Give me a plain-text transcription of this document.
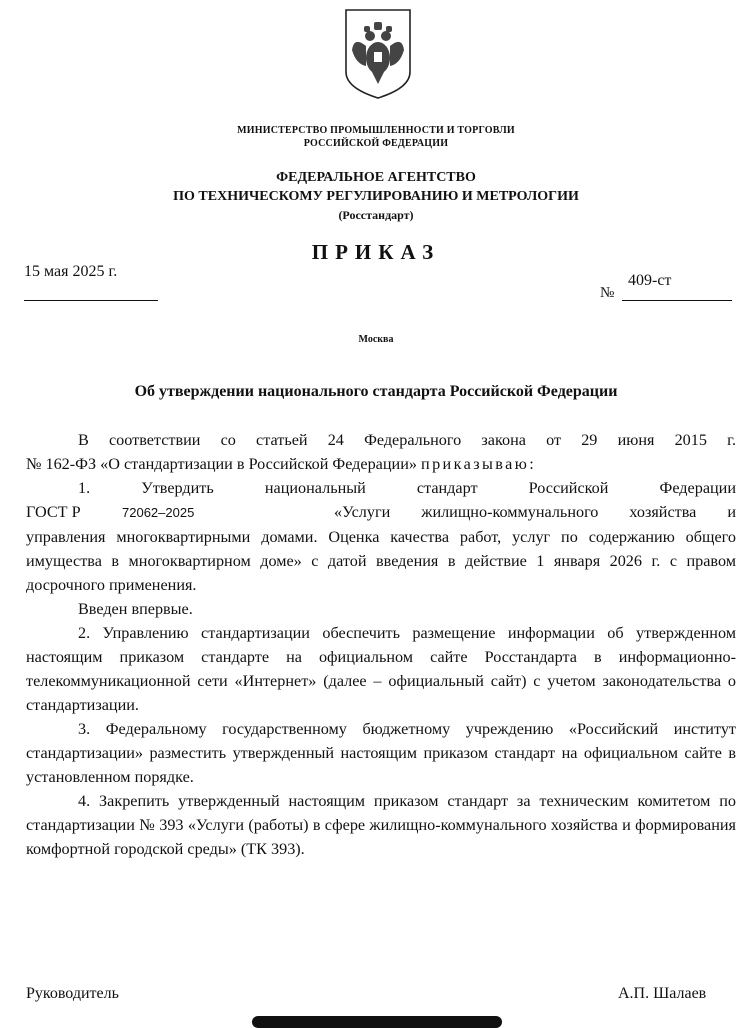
МИНИСТЕРСТВО ПРОМЫШЛЕННОСТИ И ТОРГОВЛИ
РОССИЙСКОЙ ФЕДЕРАЦИИ
ФЕДЕРАЛЬНОЕ АГЕНТСТВО
ПО ТЕХНИЧЕСКОМУ РЕГУЛИРОВАНИЮ И МЕТРОЛОГИИ
(Росстандарт)
ПРИКАЗ
15 мая 2025 г.
№
409-ст
Москва
Об утверждении национального стандарта Российской Федерации

В соответствии со статьей 24 Федерального закона от 29 июня 2015 г.

№ 162-ФЗ «О стандартизации в Российской Федерации» приказываю:

1. Утвердить национальный стандарт Российской Федерации

ГОСТ Р	72062–2025	«Услуги жилищно-коммунального хозяйства и управления многоквартирными домами. Оценка качества работ, услуг по содержанию общего имущества в многоквартирном доме» с датой введения в действие 1 января 2026 г. с правом досрочного применения.

Введен впервые.

2. Управлению стандартизации обеспечить размещение информации об утвержденном настоящим приказом стандарте на официальном сайте Росстандарта в информационно-телекоммуникационной сети «Интернет» (далее – официальный сайт) с учетом законодательства о стандартизации.

3. Федеральному государственному бюджетному учреждению «Российский институт стандартизации» разместить утвержденный настоящим приказом стандарт на официальном сайте в установленном порядке.

4. Закрепить утвержденный настоящим приказом стандарт за техническим комитетом по стандартизации № 393 «Услуги (работы) в сфере жилищно-коммунального хозяйства и формирования комфортной городской среды» (ТК 393).

Руководитель	А.П. Шалаев
